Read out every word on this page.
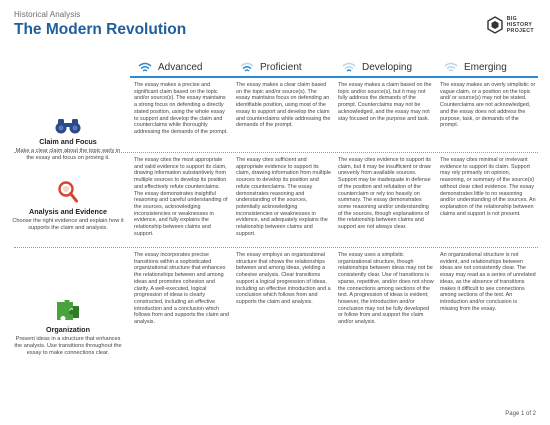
Historical Analysis
The Modern Revolution
BIG
HISTORY
PROJECT
Advanced	Proficient	Developing	Emerging
Claim and Focus
Make a clear claim about the topic early in the essay and focus on proving it.
The essay makes a precise and significant claim based on the topic and/or source(s). The essay maintains a strong focus on defending a directly stated position, using the whole essay to support and develop the claim and counterclaims while thoroughly addressing the demands of the prompt.
The essay makes a clear claim based on the topic and/or source(s). The essay maintains focus on defending an identifiable position, using most of the essay to support and develop the claim and counterclaims while addressing the demands of the prompt.
The essay makes a claim based on the topic and/or source(s), but it may not fully address the demands of the prompt. Counterclaims may not be acknowledged, and the essay may not stay focused on the purpose and task.
The essay makes an overly simplistic or vague claim, or a position on the topic and/ or source(s) may not be stated. Counterclaims are not acknowledged, and the essay does not address the purpose, task, or demands of the prompt.
Analysis and Evidence
Choose the right evidence and explain how it supports the claim and analysis.
The essay cites the most appropriate and valid evidence to support its claim, drawing information substantively from multiple sources to develop its position and effectively refute counterclaims. The essay demonstrates insightful reasoning and careful understanding of the sources, acknowledging inconsistencies or weaknesses in evidence, and fully explains the relationship between claims and support.
The essay cites sufficient and appropriate evidence to support its claim, drawing information from multiple sources to develop its position and refute counterclaims. The essay demonstrates reasoning and understanding of the sources, potentially acknowledging inconsistencies or weaknesses in evidence, and adequately explains the relationship between claims and support.
The essay cites evidence to support its claim, but it may be insufficient or draw unevenly from available sources. Support may be inadequate in defense of the position and refutation of the counterclaim or rely too heavily on summary. The essay demonstrates some reasoning and/or understanding of the sources, though explanations of the relationship between claims and support are not always clear.
The essay cites minimal or irrelevant evidence to support its claim. Support may rely primarily on opinion, reasoning, or summary of the source(s) without clear cited evidence. The essay demonstrates little to no reasoning and/or understanding of the sources. An explanation of the relationship between claims and support is not present.
Organization
Present ideas in a structure that enhances the analysis. Use transitions throughout the essay to make connections clear.
The essay incorporates precise transitions within a sophisticated organizational structure that enhances the relationships between and among ideas and promotes cohesion and clarity. A well-executed, logical progression of ideas is clearly constructed, including an effective introduction and a conclusion which follows from and supports the claim and analysis.
The essay employs an organizational structure that shows the relationships between and among ideas, yielding a cohesive analysis. Clear transitions support a logical progression of ideas, including an effective introduction and a conclusion which follows from and supports the claim and analysis.
The essay uses a simplistic organizational structure, though relationships between ideas may not be consistently clear. Use of transitions is sparse, repetitive, and/or does not show the connections among sections of the text. A progression of ideas is evident; however, the introduction and/or conclusion may not be fully developed or follow from and support the claim and/or analysis.
An organizational structure is not evident, and relationships between ideas are not consistently clear. The essay may read as a series of unrelated ideas, as the absence of transitions makes it difficult to see connections among sections of the text. An introduction and/or conclusion is missing from the essay.
Page 1 of 2
